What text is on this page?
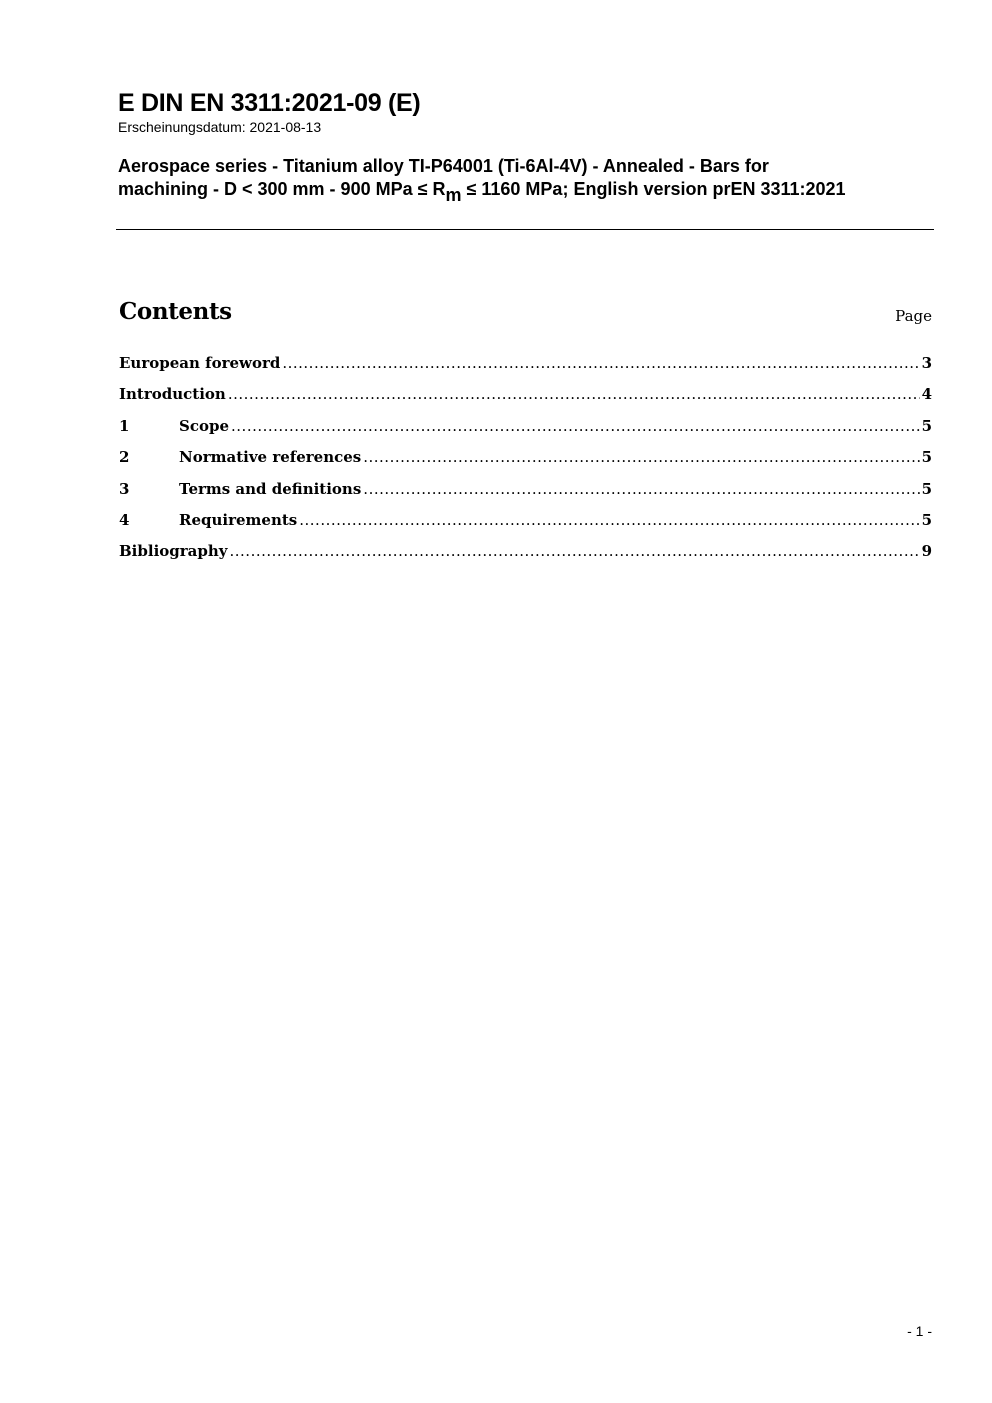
E DIN EN 3311:2021-09 (E)
Erscheinungsdatum: 2021-08-13
Aerospace series - Titanium alloy TI-P64001 (Ti-6Al-4V) - Annealed - Bars for machining - D < 300 mm - 900 MPa ≤ $R_m \le 1160$ MPa; English version prEN 3311:2021
Contents	Page
European foreword .....	3
Introduction .....	4
1	Scope .....	5
2	Normative references .....	5
3	Terms and definitions .....	5
4	Requirements .....	5
Bibliography .....	9
- 1 -
